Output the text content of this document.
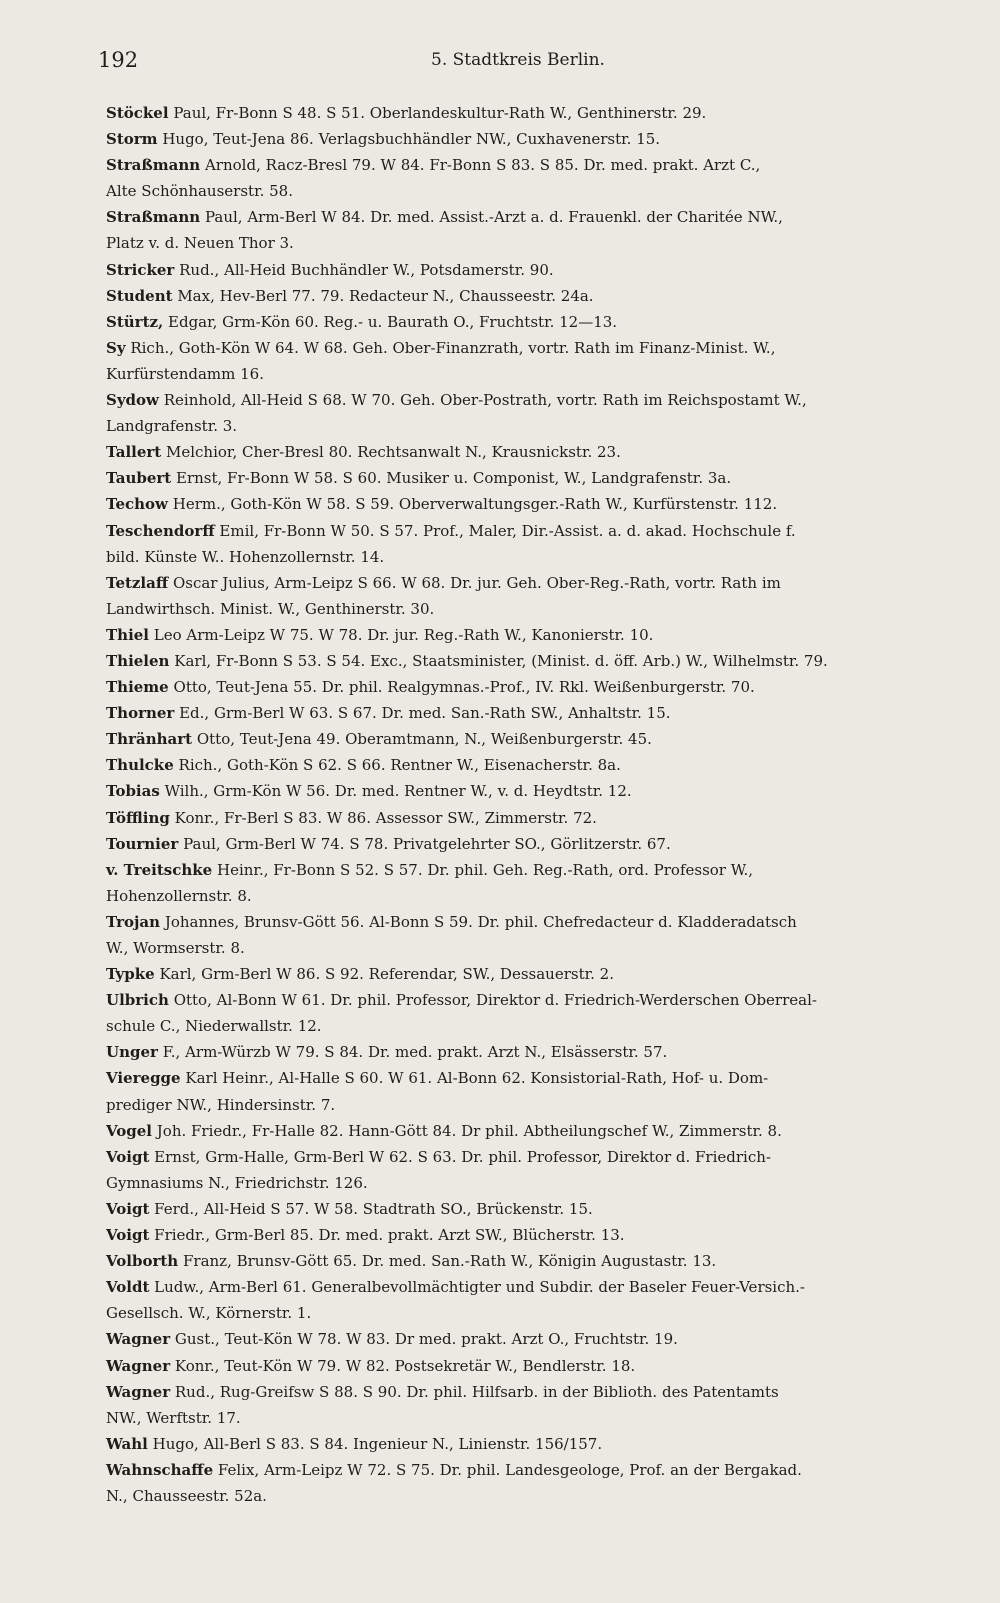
192	5. Stadtkreis Berlin.
Stöckel Paul, Fr-Bonn S 48. S 51. Oberlandeskultur-Rath W., Genthinerstr. 29.
Storm Hugo, Teut-Jena 86. Verlagsbuchhändler NW., Cuxhavenerstr. 15.
Straßmann Arnold, Racz-Bresl 79. W 84. Fr-Bonn S 83. S 85. Dr. med. prakt. Arzt C.,
Alte Schönhauserstr. 58.
Straßmann Paul, Arm-Berl W 84. Dr. med. Assist.-Arzt a. d. Frauenkl. der Charitée NW.,
Platz v. d. Neuen Thor 3.
Stricker Rud., All-Heid Buchhändler W., Potsdamerstr. 90.
Student Max, Hev-Berl 77. 79. Redacteur N., Chausseestr. 24a.
Stürtz, Edgar, Grm-Kön 60. Reg.- u. Baurath O., Fruchtstr. 12—13.
Sy Rich., Goth-Kön W 64. W 68. Geh. Ober-Finanzrath, vortr. Rath im Finanz-Minist. W.,
Kurfürstendamm 16.
Sydow Reinhold, All-Heid S 68. W 70. Geh. Ober-Postrath, vortr. Rath im Reichspostamt W.,
Landgrafenstr. 3.
Tallert Melchior, Cher-Bresl 80. Rechtsanwalt N., Krausnickstr. 23.
Taubert Ernst, Fr-Bonn W 58. S 60. Musiker u. Componist, W., Landgrafenstr. 3a.
Techow Herm., Goth-Kön W 58. S 59. Oberverwaltungsger.-Rath W., Kurfürstenstr. 112.
Teschendorff Emil, Fr-Bonn W 50. S 57. Prof., Maler, Dir.-Assist. a. d. akad. Hochschule f.
bild. Künste W.. Hohenzollernstr. 14.
Tetzlaff Oscar Julius, Arm-Leipz S 66. W 68. Dr. jur. Geh. Ober-Reg.-Rath, vortr. Rath im
Landwirthsch. Minist. W., Genthinerstr. 30.
Thiel Leo Arm-Leipz W 75. W 78. Dr. jur. Reg.-Rath W., Kanonierstr. 10.
Thielen Karl, Fr-Bonn S 53. S 54. Exc., Staatsminister, (Minist. d. öff. Arb.) W., Wilhelmstr. 79.
Thieme Otto, Teut-Jena 55. Dr. phil. Realgymnas.-Prof., IV. Rkl. Weißenburgerstr. 70.
Thorner Ed., Grm-Berl W 63. S 67. Dr. med. San.-Rath SW., Anhaltstr. 15.
Thränhart Otto, Teut-Jena 49. Oberamtmann, N., Weißenburgerstr. 45.
Thulcke Rich., Goth-Kön S 62. S 66. Rentner W., Eisenacherstr. 8a.
Tobias Wilh., Grm-Kön W 56. Dr. med. Rentner W., v. d. Heydtstr. 12.
Töffling Konr., Fr-Berl S 83. W 86. Assessor SW., Zimmerstr. 72.
Tournier Paul, Grm-Berl W 74. S 78. Privatgelehrter SO., Görlitzerstr. 67.
v. Treitschke Heinr., Fr-Bonn S 52. S 57. Dr. phil. Geh. Reg.-Rath, ord. Professor W.,
Hohenzollernstr. 8.
Trojan Johannes, Brunsv-Gött 56. Al-Bonn S 59. Dr. phil. Chefredacteur d. Kladderadatsch
W., Wormserstr. 8.
Typke Karl, Grm-Berl W 86. S 92. Referendar, SW., Dessauerstr. 2.
Ulbrich Otto, Al-Bonn W 61. Dr. phil. Professor, Direktor d. Friedrich-Werderschen Oberreal-
schule C., Niederwallstr. 12.
Unger F., Arm-Würzb W 79. S 84. Dr. med. prakt. Arzt N., Elsässerstr. 57.
Vieregge Karl Heinr., Al-Halle S 60. W 61. Al-Bonn 62. Konsistorial-Rath, Hof- u. Dom-
prediger NW., Hindersinstr. 7.
Vogel Joh. Friedr., Fr-Halle 82. Hann-Gött 84. Dr phil. Abtheilungschef W., Zimmerstr. 8.
Voigt Ernst, Grm-Halle, Grm-Berl W 62. S 63. Dr. phil. Professor, Direktor d. Friedrich-
Gymnasiums N., Friedrichstr. 126.
Voigt Ferd., All-Heid S 57. W 58. Stadtrath SO., Brückenstr. 15.
Voigt Friedr., Grm-Berl 85. Dr. med. prakt. Arzt SW., Blücherstr. 13.
Volborth Franz, Brunsv-Gött 65. Dr. med. San.-Rath W., Königin Augustastr. 13.
Voldt Ludw., Arm-Berl 61. Generalbevollmächtigter und Subdir. der Baseler Feuer-Versich.-
Gesellsch. W., Körnerstr. 1.
Wagner Gust., Teut-Kön W 78. W 83. Dr med. prakt. Arzt O., Fruchtstr. 19.
Wagner Konr., Teut-Kön W 79. W 82. Postsekretär W., Bendlerstr. 18.
Wagner Rud., Rug-Greifsw S 88. S 90. Dr. phil. Hilfsarb. in der Biblioth. des Patentamts
NW., Werftstr. 17.
Wahl Hugo, All-Berl S 83. S 84. Ingenieur N., Linienstr. 156/157.
Wahnschaffe Felix, Arm-Leipz W 72. S 75. Dr. phil. Landesgeologe, Prof. an der Bergakad.
N., Chausseestr. 52a.
